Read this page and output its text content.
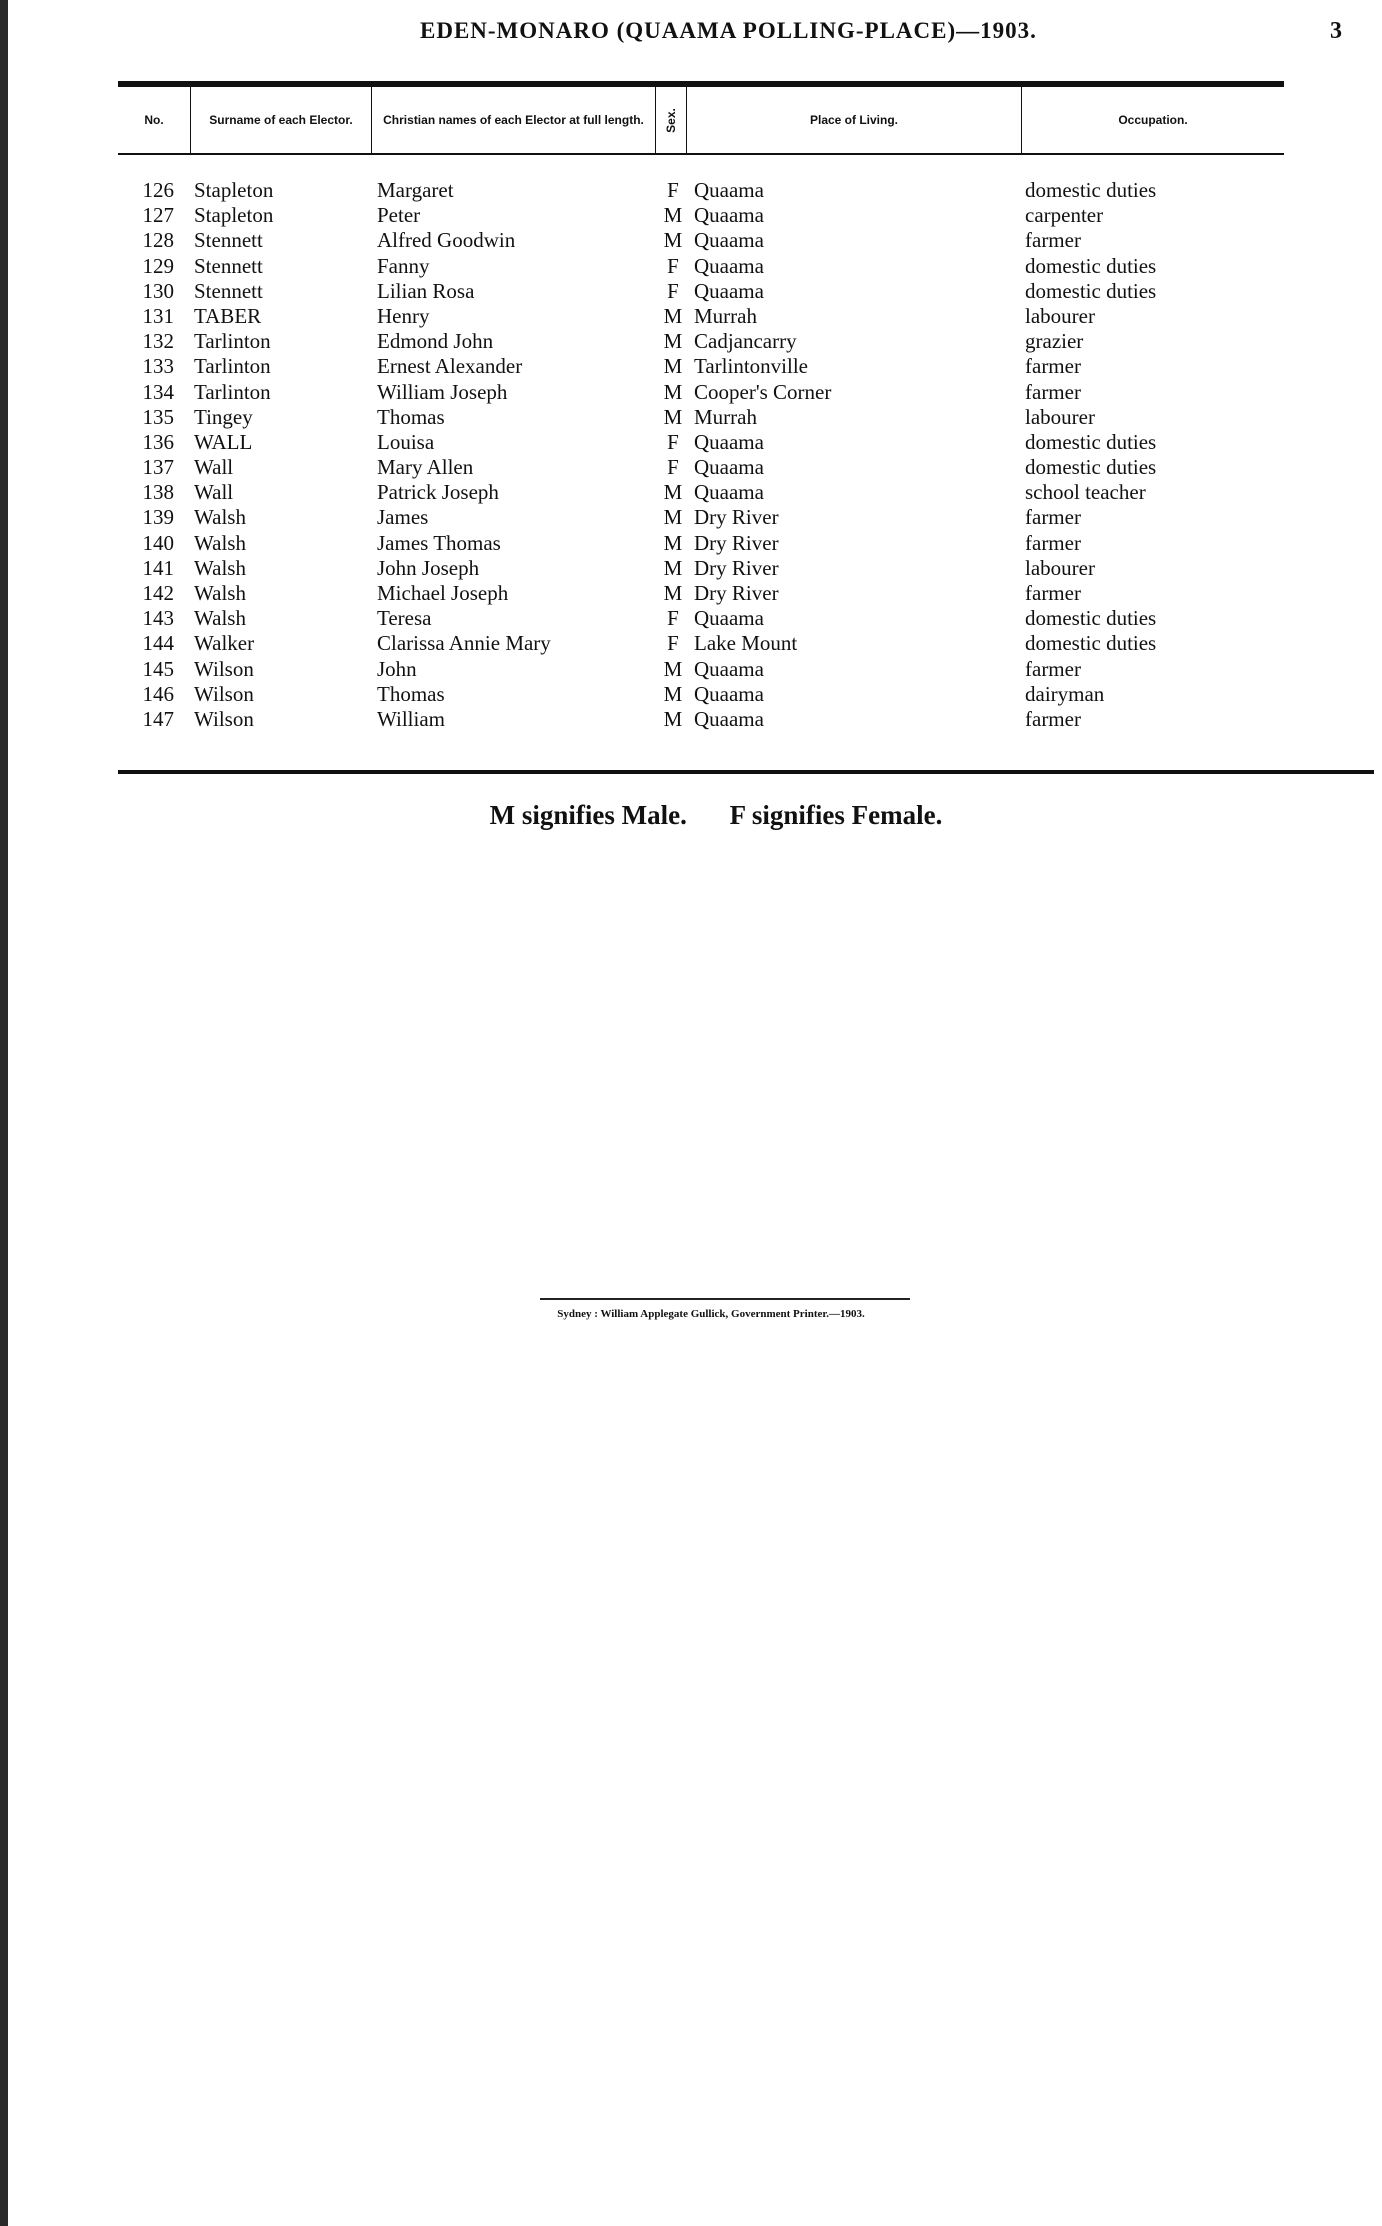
EDEN-MONARO (QUAAMA POLLING-PLACE)—1903.	3
No.	Surname of each Elector.	Christian names of each Elector at full length.	Sex.	Place of Living.	Occupation.
126 Stapleton	Margaret	F Quaama	domestic duties
127 Stapleton	Peter	M Quaama	carpenter
128 Stennett	Alfred Goodwin	M Quaama	farmer
129 Stennett	Fanny	F Quaama	domestic duties
130 Stennett	Lilian Rosa	F Quaama	domestic duties
131 TABER	Henry	M Murrah	labourer
132 Tarlinton	Edmond John	M Cadjancarry	grazier
133 Tarlinton	Ernest Alexander	M Tarlintonville	farmer
134 Tarlinton	William Joseph	M Cooper's Corner	farmer
135 Tingey	Thomas	M Murrah	labourer
136 WALL	Louisa	F Quaama	domestic duties
137 Wall	Mary Allen	F Quaama	domestic duties
138 Wall	Patrick Joseph	M Quaama	school teacher
139 Walsh	James	M Dry River	farmer
140 Walsh	James Thomas	M Dry River	farmer
141 Walsh	John Joseph	M Dry River	labourer
142 Walsh	Michael Joseph	M Dry River	farmer
143 Walsh	Teresa	F Quaama	domestic duties
144 Walker	Clarissa Annie Mary	F Lake Mount	domestic duties
145 Wilson	John	M Quaama	farmer
146 Wilson	Thomas	M Quaama	dairyman
147 Wilson	William	M Quaama	farmer
M signifies Male. F signifies Female.
Sydney : William Applegate Gullick, Government Printer.—1903.
